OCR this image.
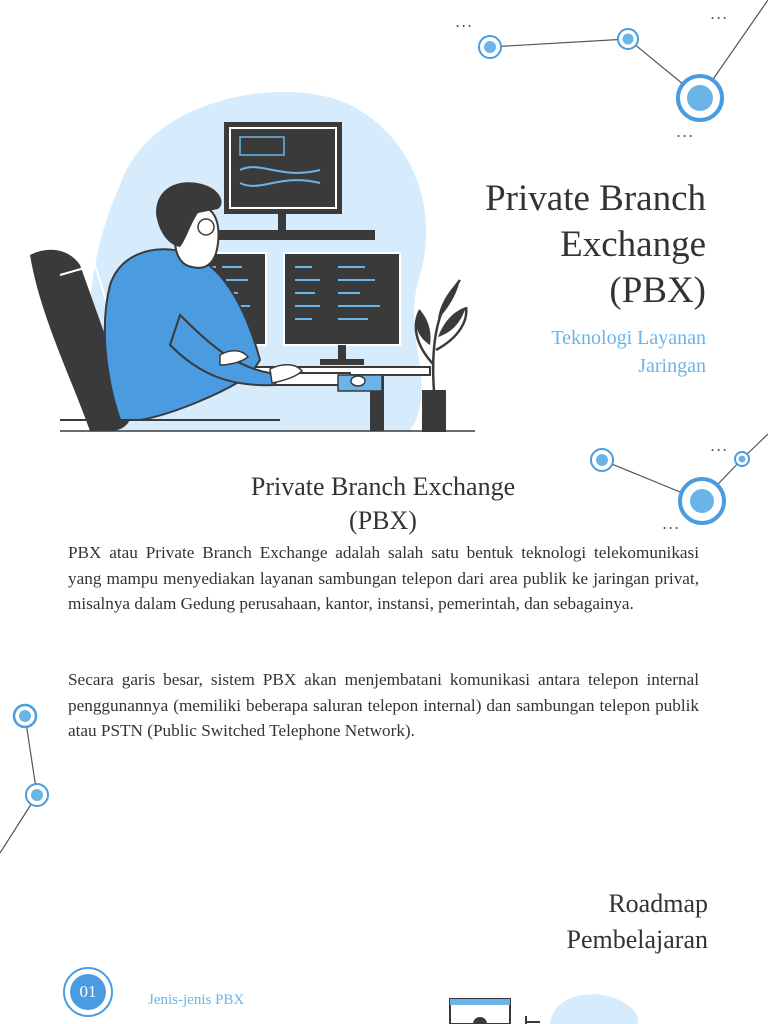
...	...
...
...
...
Private Branch
Exchange
(PBX)
Teknologi Layanan
Jaringan
Private Branch Exchange
(PBX)

PBX atau Private Branch Exchange adalah salah satu bentuk teknologi telekomunikasi yang mampu menyediakan layanan sambungan telepon dari area publik ke jaringan privat, misalnya dalam Gedung perusahaan, kantor, instansi, pemerintah, dan sebagainya.

Secara garis besar, sistem PBX akan menjembatani komunikasi antara telepon internal penggunannya (memiliki beberapa saluran telepon internal) dan sambungan telepon publik atau PSTN (Public Switched Telephone Network).

Roadmap
Pembelajaran
01	Jenis-jenis PBX
